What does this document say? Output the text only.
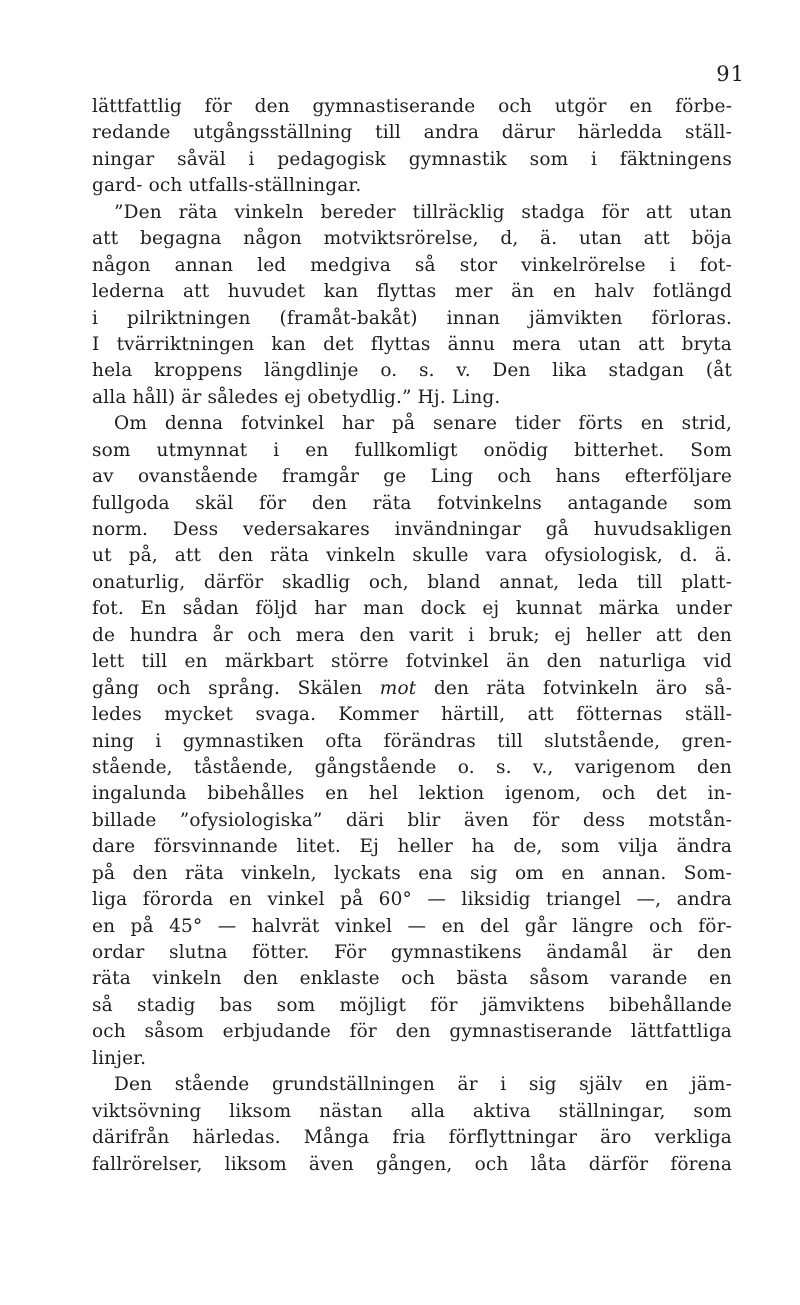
91
lättfattlig för den gymnastiserande och utgör en förbe-
redande utgångsställning till andra därur härledda ställ-
ningar såväl i pedagogisk gymnastik som i fäktningens
gard- och utfalls-ställningar.
”Den räta vinkeln bereder tillräcklig stadga för att utan
att begagna någon motviktsrörelse, d, ä. utan att böja
någon annan led medgiva så stor vinkelrörelse i fot-
lederna att huvudet kan flyttas mer än en halv fotlängd
i pilriktningen (framåt-bakåt) innan jämvikten förloras.
I tvärriktningen kan det flyttas ännu mera utan att bryta
hela kroppens längdlinje o. s. v. Den lika stadgan (åt
alla håll) är således ej obetydlig.” Hj. Ling.
Om denna fotvinkel har på senare tider förts en strid,
som utmynnat i en fullkomligt onödig bitterhet. Som
av ovanstående framgår ge Ling och hans efterföljare
fullgoda skäl för den räta fotvinkelns antagande som
norm. Dess vedersakares invändningar gå huvudsakligen
ut på, att den räta vinkeln skulle vara ofysiologisk, d. ä.
onaturlig, därför skadlig och, bland annat, leda till platt-
fot. En sådan följd har man dock ej kunnat märka under
de hundra år och mera den varit i bruk; ej heller att den
lett till en märkbart större fotvinkel än den naturliga vid
gång och språng. Skälen mot den räta fotvinkeln äro så-
ledes mycket svaga. Kommer härtill, att fötternas ställ-
ning i gymnastiken ofta förändras till slutstående, gren-
stående, tåstående, gångstående o. s. v., varigenom den
ingalunda bibehålles en hel lektion igenom, och det in-
billade ”ofysiologiskа” däri blir även för dess motstån-
dare försvinnande litet. Ej heller ha de, som vilja ändra
på den räta vinkeln, lyckats ena sig om en annan. Som-
liga förorda en vinkel på 60° — liksidig triangel —, andra
en på 45° — halvrät vinkel — en del går längre och för-
ordar slutna fötter. För gymnastikens ändamål är den
räta vinkeln den enklaste och bästa såsom varande en
så stadig bas som möjligt för jämviktens bibehållande
och såsom erbjudande för den gymnastiserande lättfattliga
linjer.
Den stående grundställningen är i sig själv en jäm-
viktsövning liksom nästan alla aktiva ställningar, som
därifrån härledas. Många fria förflyttningar äro verkliga
fallrörelser, liksom även gången, och låta därför förena
